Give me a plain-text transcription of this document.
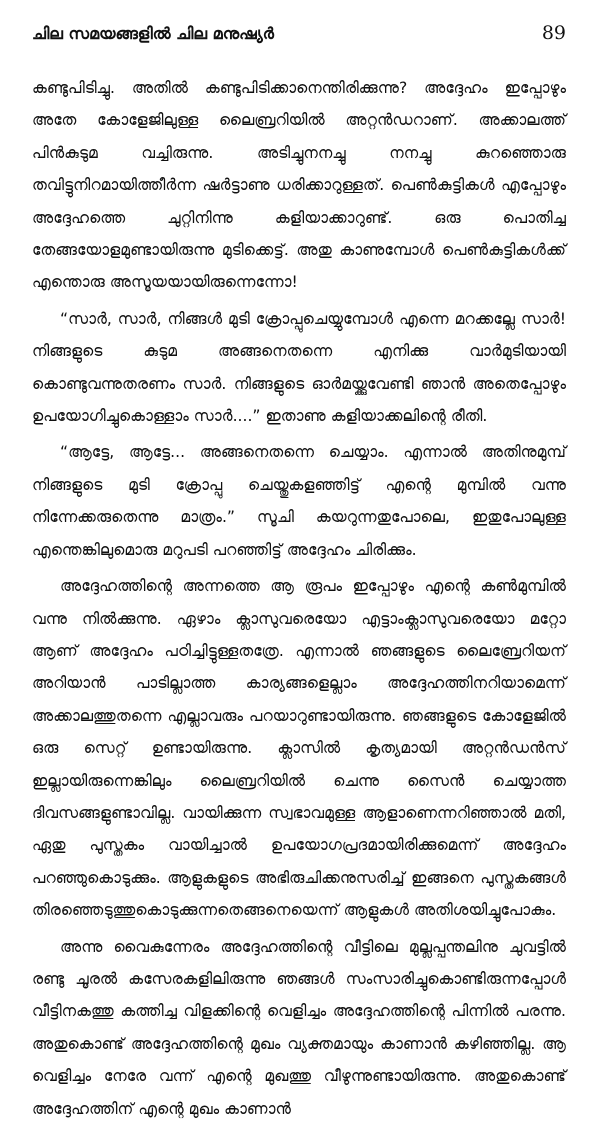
ചില സമയങ്ങളിൽ ചില മനുഷ്യർ	89

കണ്ടുപിടിച്ചു. അതിൽ കണ്ടുപിടിക്കാനെന്തിരിക്കുന്നു? അദ്ദേഹം ഇപ്പോഴും അതേ കോളേജിലുള്ള ലൈബ്രറിയിൽ അറ്റൻഡറാണ്. അക്കാലത്ത് പിൻകുടുമ വച്ചിരുന്നു. അടിച്ചുനനച്ചു നനച്ചു കുറഞ്ഞൊരു തവിട്ടുനിറമായിത്തീർന്ന ഷർട്ടാണു ധരിക്കാറുള്ളത്. പെൺകുട്ടികൾ എപ്പോഴും അദ്ദേഹത്തെ ചുറ്റിനിന്നു കളിയാക്കാറുണ്ട്. ഒരു പൊതിച്ച തേങ്ങയോളമുണ്ടായിരുന്നു മുടിക്കെട്ട്. അതു കാണുമ്പോൾ പെൺകുട്ടികൾക്ക് എന്തൊരു അസൂയയായിരുന്നെന്നോ!

“സാർ, സാർ, നിങ്ങൾ മുടി ക്രോപ്പുചെയ്യുമ്പോൾ എന്നെ മറക്കല്ലേ സാർ! നിങ്ങളുടെ കുടുമ അങ്ങനെതന്നെ എനിക്കു വാർമുടിയായി കൊണ്ടുവന്നുതരണം സാർ. നിങ്ങളുടെ ഓർമയ്ക്കുവേണ്ടി ഞാൻ അതെപ്പോഴും ഉപയോഗിച്ചുകൊള്ളാം സാർ....” ഇതാണു കളിയാക്കലിന്റെ രീതി.

“ആട്ടേ, ആട്ടേ... അങ്ങനെതന്നെ ചെയ്യാം. എന്നാൽ അതിനുമുമ്പ് നിങ്ങളുടെ മുടി ക്രോപ്പു ചെയ്തുകളഞ്ഞിട്ട് എന്റെ മുമ്പിൽ വന്നു നിന്നേക്കരുതെന്നു മാത്രം.” സൂചി കയറുന്നതുപോലെ, ഇതുപോലുള്ള എന്തെങ്കിലുമൊരു മറുപടി പറഞ്ഞിട്ട് അദ്ദേഹം ചിരിക്കും.

അദ്ദേഹത്തിന്റെ അന്നത്തെ ആ രൂപം ഇപ്പോഴും എന്റെ കൺമുമ്പിൽ വന്നു നിൽക്കുന്നു. ഏഴാം ക്ലാസുവരെയോ എട്ടാംക്ലാസുവരെയോ മറ്റോ ആണ് അദ്ദേഹം പഠിച്ചിട്ടുള്ളതത്രേ. എന്നാൽ ഞങ്ങളുടെ ലൈബ്രേറിയന് അറിയാൻ പാടില്ലാത്ത കാര്യങ്ങളെല്ലാം അദ്ദേഹത്തിനറിയാമെന്ന് അക്കാലത്തുതന്നെ എല്ലാവരും പറയാറുണ്ടായിരുന്നു. ഞങ്ങളുടെ കോളേജിൽ ഒരു സെറ്റ് ഉണ്ടായിരുന്നു. ക്ലാസിൽ കൃത്യമായി അറ്റൻഡൻസ് ഇല്ലായിരുന്നെങ്കിലും ലൈബ്രറിയിൽ ചെന്നു സൈൻ ചെയ്യാത്ത ദിവസങ്ങളുണ്ടാവില്ല. വായിക്കുന്ന സ്വഭാവമുള്ള ആളാണെന്നറിഞ്ഞാൽ മതി, ഏതു പുസ്തകം വായിച്ചാൽ ഉപയോഗപ്രദമായിരിക്കുമെന്ന് അദ്ദേഹം പറഞ്ഞുകൊടുക്കും. ആളുകളുടെ അഭിരുചിക്കനുസരിച്ച് ഇങ്ങനെ പുസ്തകങ്ങൾ തിരഞ്ഞെടുത്തുകൊടുക്കുന്നതെങ്ങനെയെന്ന് ആളുകൾ അതിശയിച്ചുപോകും.

അന്നു വൈകുന്നേരം അദ്ദേഹത്തിന്റെ വീട്ടിലെ മുല്ലപ്പന്തലിനു ചുവട്ടിൽ രണ്ടു ചൂരൽ കസേരകളിലിരുന്നു ഞങ്ങൾ സംസാരിച്ചുകൊണ്ടിരുന്നപ്പോൾ വീട്ടിനകത്തു കത്തിച്ച വിളക്കിന്റെ വെളിച്ചം അദ്ദേഹത്തിന്റെ പിന്നിൽ പരന്നു. അതുകൊണ്ട് അദ്ദേഹത്തിന്റെ മുഖം വ്യക്തമായും കാണാൻ കഴിഞ്ഞില്ല. ആ വെളിച്ചം നേരേ വന്ന് എന്റെ മുഖത്തു വീഴുന്നുണ്ടായിരുന്നു. അതുകൊണ്ട് അദ്ദേഹത്തിന് എന്റെ മുഖം കാണാൻ
